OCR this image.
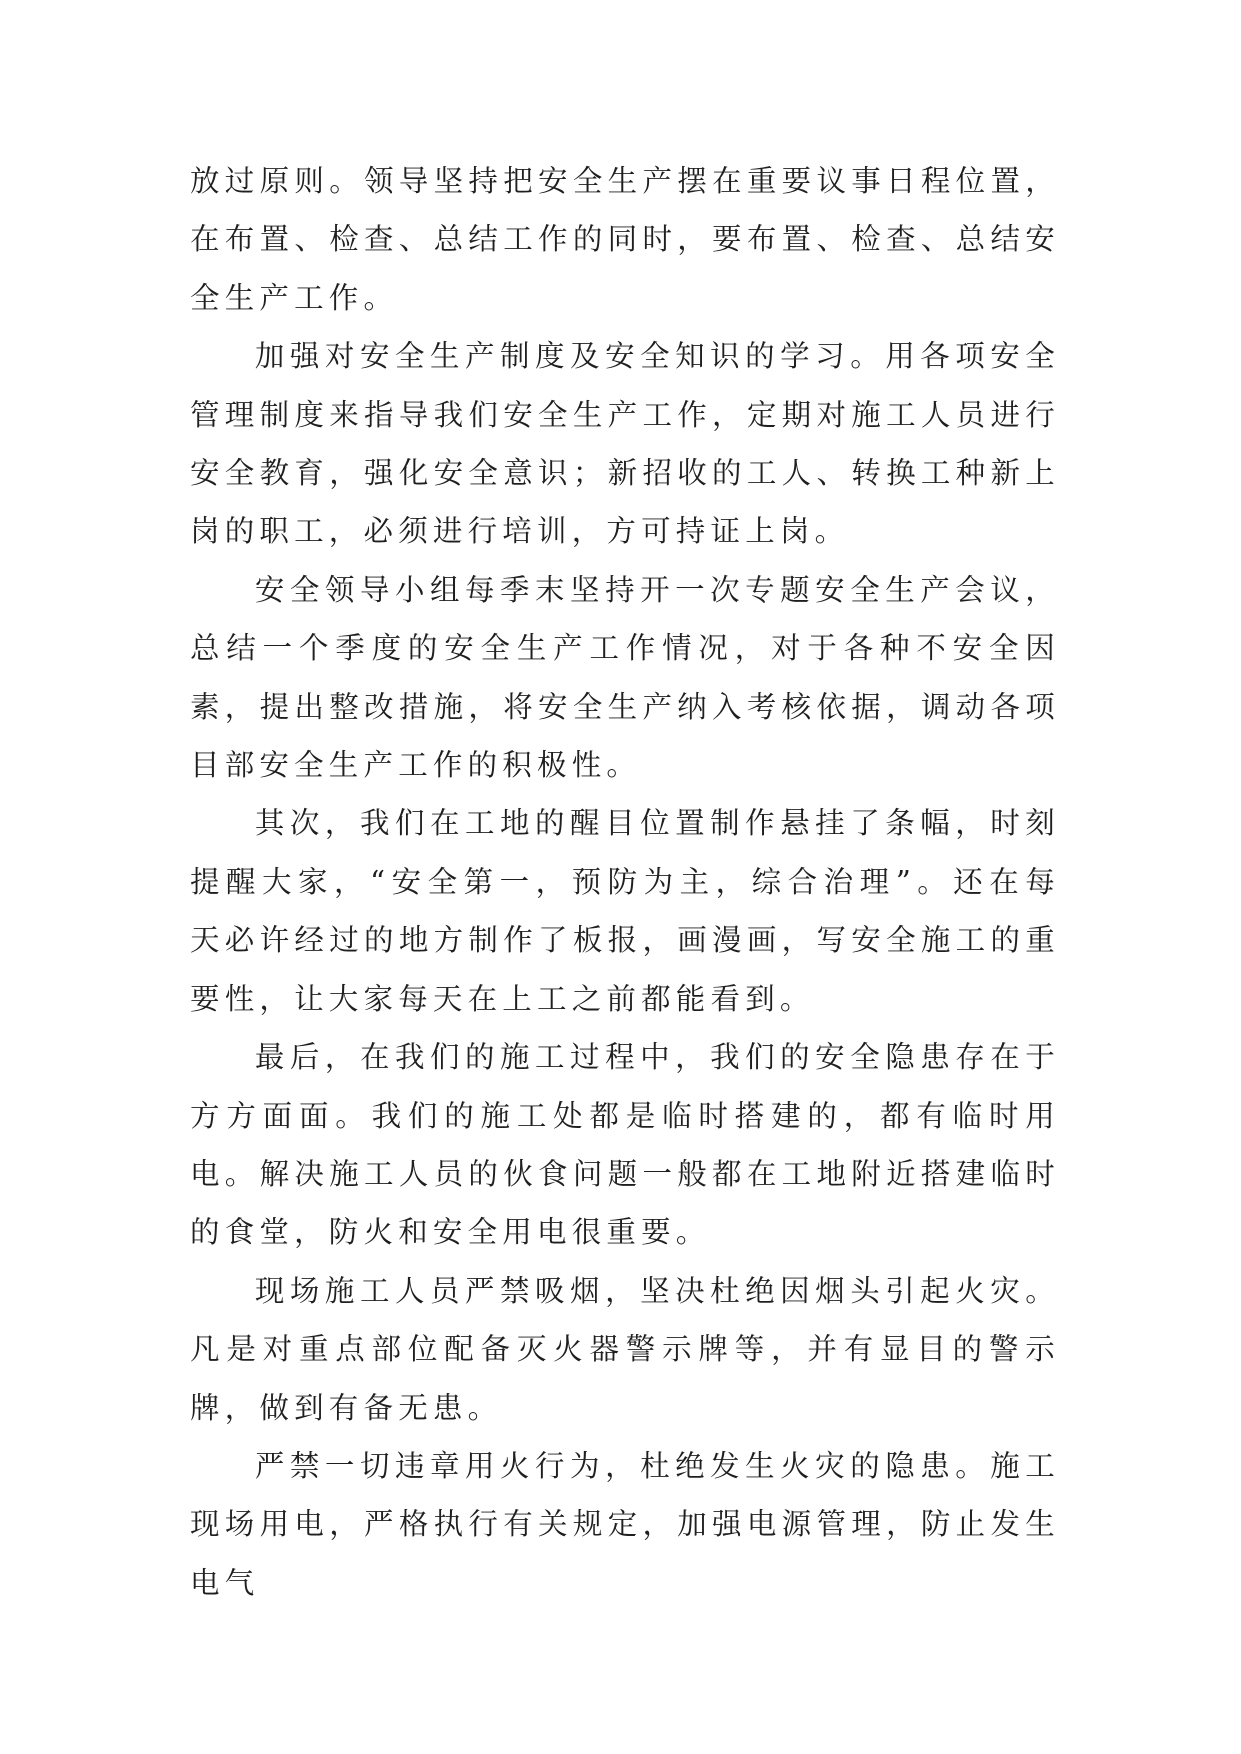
放过原则。领导坚持把安全生产摆在重要议事日程位置，在布置、检查、总结工作的同时，要布置、检查、总结安全生产工作。

加强对安全生产制度及安全知识的学习。用各项安全管理制度来指导我们安全生产工作，定期对施工人员进行安全教育，强化安全意识；新招收的工人、转换工种新上岗的职工，必须进行培训，方可持证上岗。

安全领导小组每季末坚持开一次专题安全生产会议，总结一个季度的安全生产工作情况，对于各种不安全因素，提出整改措施，将安全生产纳入考核依据，调动各项目部安全生产工作的积极性。

其次，我们在工地的醒目位置制作悬挂了条幅，时刻提醒大家，“安全第一，预防为主，综合治理”。还在每天必许经过的地方制作了板报，画漫画，写安全施工的重要性，让大家每天在上工之前都能看到。

最后，在我们的施工过程中，我们的安全隐患存在于方方面面。我们的施工处都是临时搭建的，都有临时用电。解决施工人员的伙食问题一般都在工地附近搭建临时的食堂，防火和安全用电很重要。

现场施工人员严禁吸烟，坚决杜绝因烟头引起火灾。凡是对重点部位配备灭火器警示牌等，并有显目的警示牌，做到有备无患。

严禁一切违章用火行为，杜绝发生火灾的隐患。施工现场用电，严格执行有关规定，加强电源管理，防止发生电气
